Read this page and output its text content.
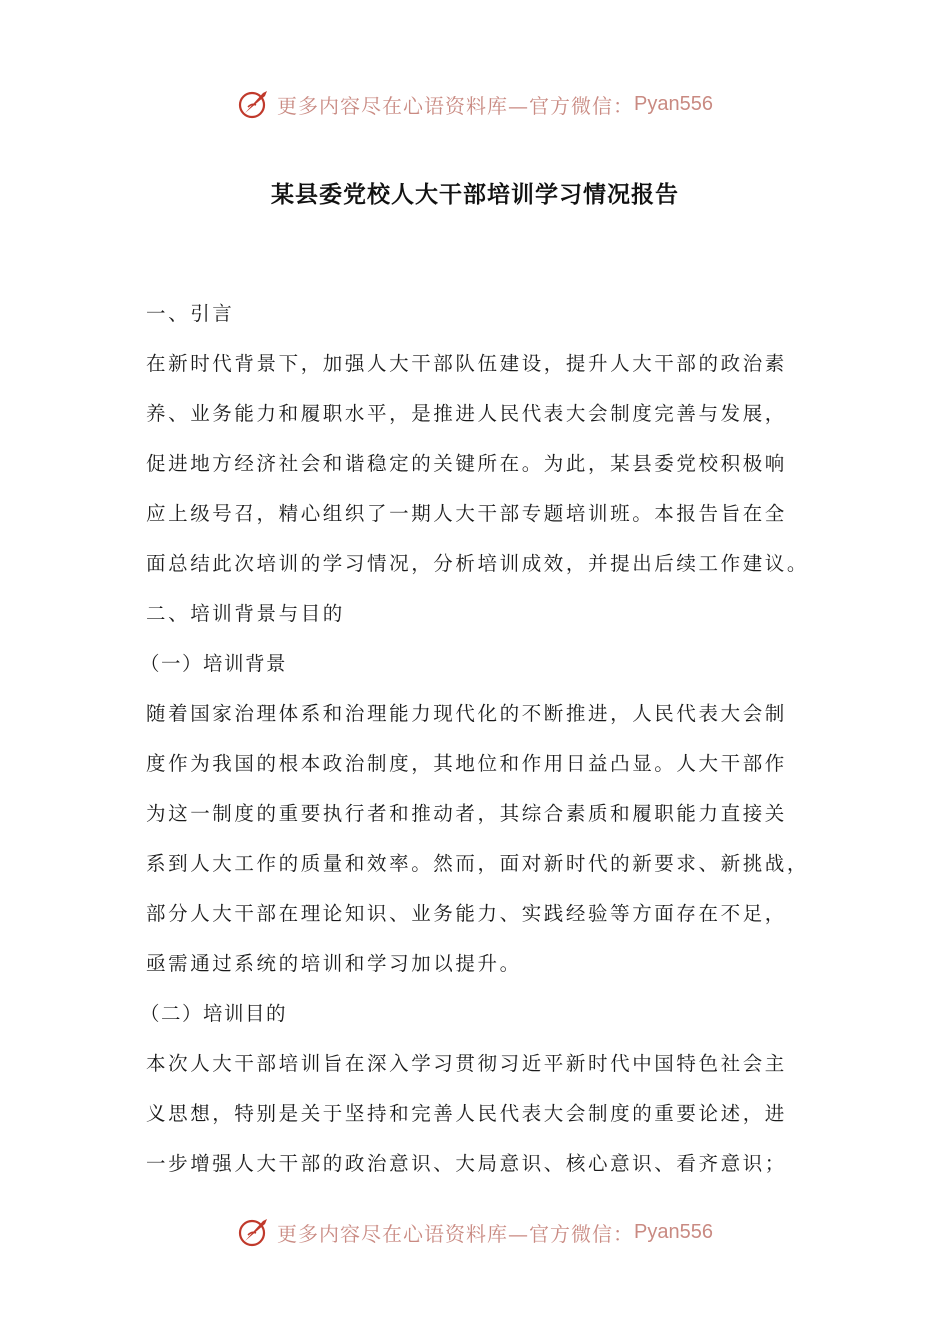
更多内容尽在心语资料库—官方微信： Pyan556
某县委党校人大干部培训学习情况报告
一、引言
在新时代背景下，加强人大干部队伍建设，提升人大干部的政治素
养、业务能力和履职水平，是推进人民代表大会制度完善与发展，
促进地方经济社会和谐稳定的关键所在。为此，某县委党校积极响
应上级号召，精心组织了一期人大干部专题培训班。本报告旨在全
面总结此次培训的学习情况，分析培训成效，并提出后续工作建议。
二、培训背景与目的
（一）培训背景
随着国家治理体系和治理能力现代化的不断推进，人民代表大会制
度作为我国的根本政治制度，其地位和作用日益凸显。人大干部作
为这一制度的重要执行者和推动者，其综合素质和履职能力直接关
系到人大工作的质量和效率。然而，面对新时代的新要求、新挑战，
部分人大干部在理论知识、业务能力、实践经验等方面存在不足，
亟需通过系统的培训和学习加以提升。
（二）培训目的
本次人大干部培训旨在深入学习贯彻习近平新时代中国特色社会主
义思想，特别是关于坚持和完善人民代表大会制度的重要论述，进
一步增强人大干部的政治意识、大局意识、核心意识、看齐意识；
更多内容尽在心语资料库—官方微信： Pyan556
